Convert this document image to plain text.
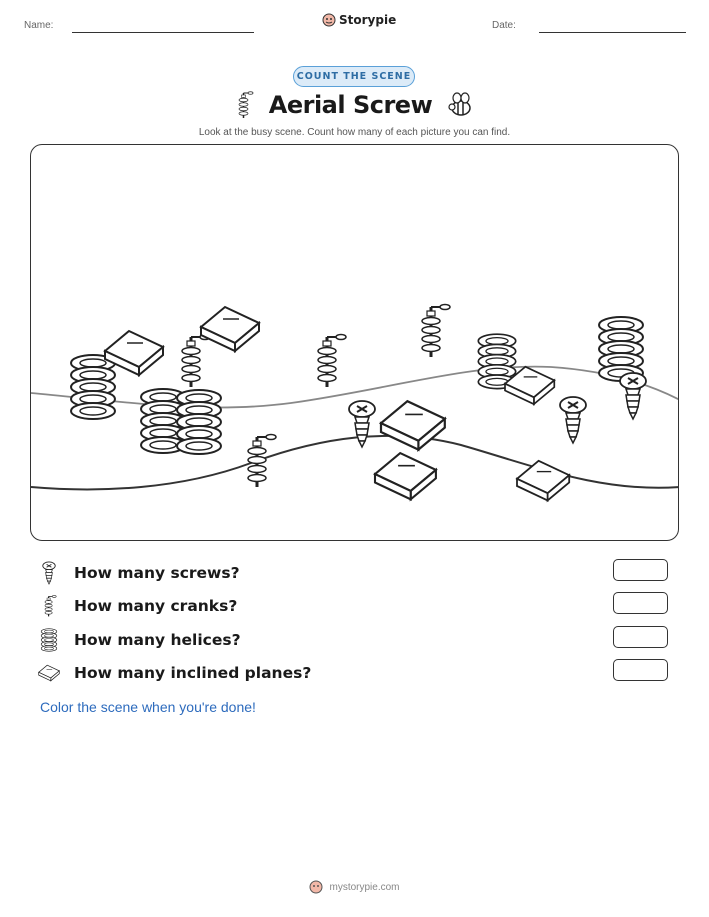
Name:	Storypie	Date:
COUNT THE SCENE
Aerial Screw
Look at the busy scene. Count how many of each picture you can find.
How many screws?
How many cranks?
How many helices?
How many inclined planes?
Color the scene when you're done!
mystorypie.com
